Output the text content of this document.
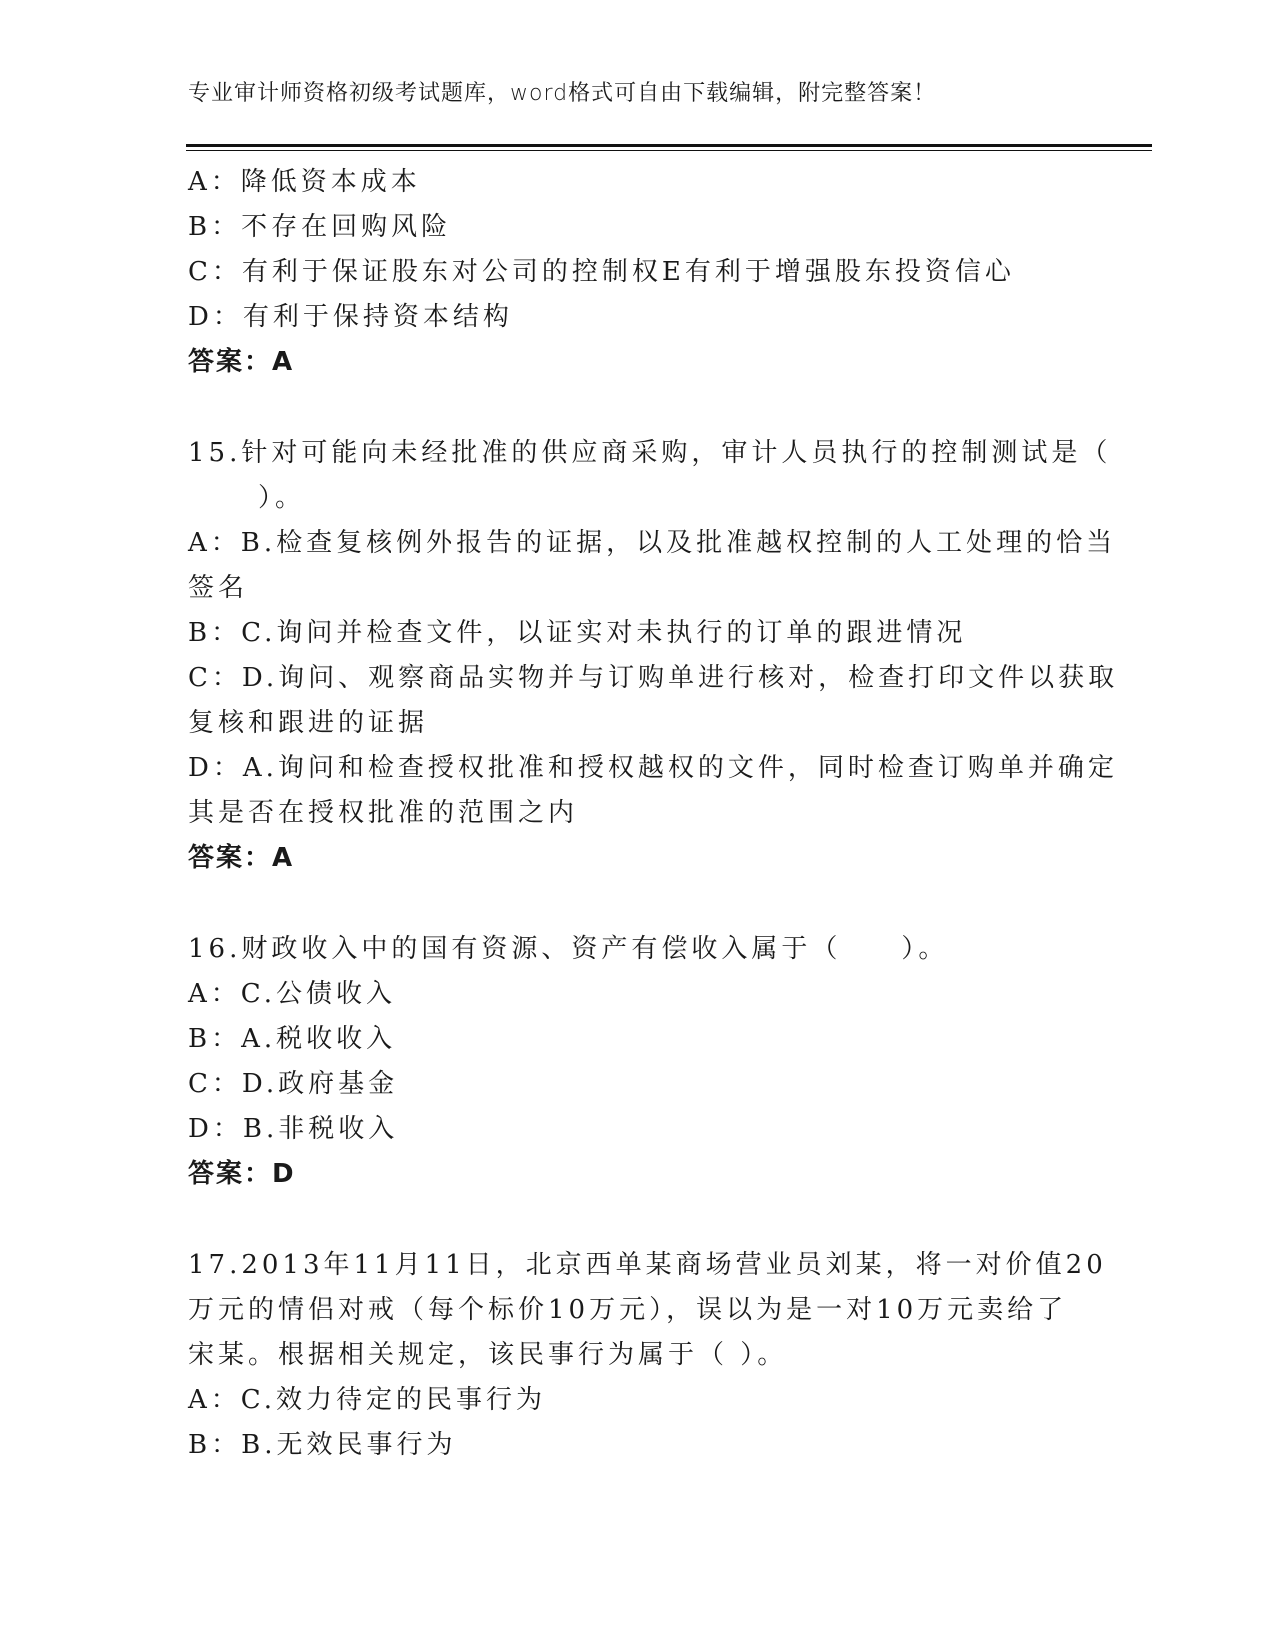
专业审计师资格初级考试题库，word格式可自由下载编辑，附完整答案！
A：降低资本成本
B：不存在回购风险
C：有利于保证股东对公司的控制权E有利于增强股东投资信心
D：有利于保持资本结构
答案：A
15.针对可能向未经批准的供应商采购，审计人员执行的控制测试是（
）。
A：B.检查复核例外报告的证据，以及批准越权控制的人工处理的恰当
签名
B：C.询问并检查文件，以证实对未执行的订单的跟进情况
C：D.询问、观察商品实物并与订购单进行核对，检查打印文件以获取
复核和跟进的证据
D：A.询问和检查授权批准和授权越权的文件，同时检查订购单并确定
其是否在授权批准的范围之内
答案：A
16.财政收入中的国有资源、资产有偿收入属于（　　）。
A：C.公债收入
B：A.税收收入
C：D.政府基金
D：B.非税收入
答案：D
17.2013年11月11日，北京西单某商场营业员刘某，将一对价值20
万元的情侣对戒（每个标价10万元），误以为是一对10万元卖给了
宋某。根据相关规定，该民事行为属于（ ）。
A：C.效力待定的民事行为
B：B.无效民事行为
